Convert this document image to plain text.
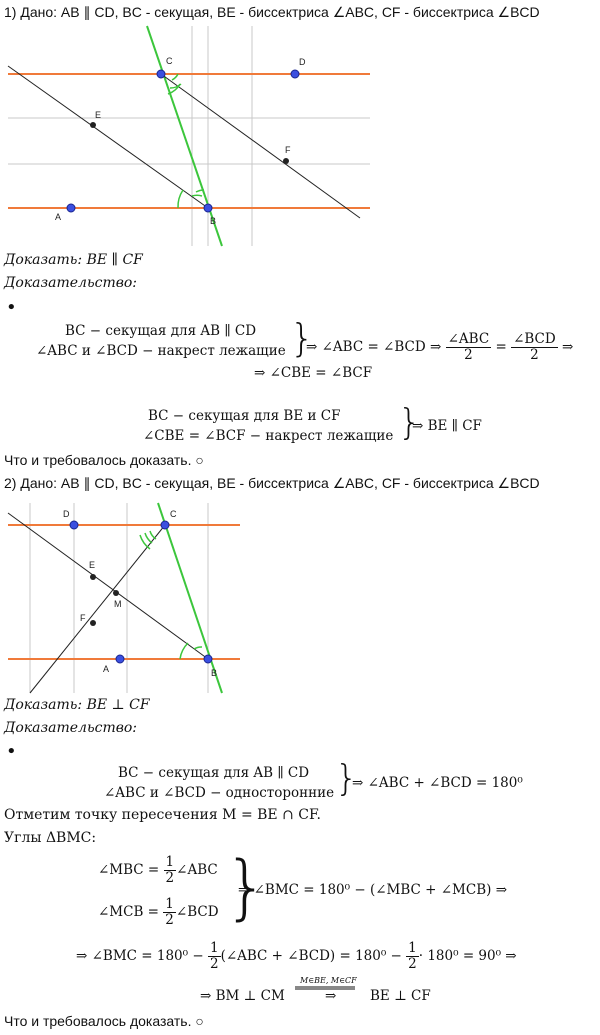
1) Дано: AB ∥ CD, BC - секущая, BE - биссектриса ∠ABC, CF - биссектриса ∠BCD
C	D
A	B
E
F
Доказать: BE ∥ CF
Доказательство:
•
BC − секущая для AB ∥ CD
∠ABC и ∠BCD − накрест лежащие }
⇒ ∠ABC = ∠BCD ⇒ $\frac{\text{∠ABC}}{2} = \frac{\text{∠BCD}}{2}$ ⇒
⇒ ∠CBE = ∠BCF
BC − секущая для BE и CF
∠CBE = ∠BCF − накрест лежащие }
⇒ BE ∥ CF
Что и требовалось доказать. ○
2) Дано: AB ∥ CD, BC - секущая, BE - биссектриса ∠ABC, CF - биссектриса ∠BCD
C
D
A	B
E
M
F
Доказать: BE ⊥ CF
Доказательство:
•
BC − секущая для AB ∥ CD
∠ABC и ∠BCD − односторонние }
⇒ ∠ABC + ∠BCD = 180⁰
Отметим точку пересечения M = BE ∩ CF.
Углы ΔBMC:
∠MBC = $\frac{1}{2}$ ∠ABC
∠MCB = $\frac{1}{2}$ ∠BCD }
⇒ ∠BMC = 180⁰ − (∠MBC + ∠MCB) ⇒
⇒ ∠BMC = $180^0 - \frac{1}{2}$ (∠ABC + ∠BCD) = $180^0 - \frac{1}{2} \cdot 180^0 = 90^0$ ⇒
⇒ BM ⊥ CM
M∈BE, M∈CF
⇒ BE ⊥ CF
Что и требовалось доказать. ○
